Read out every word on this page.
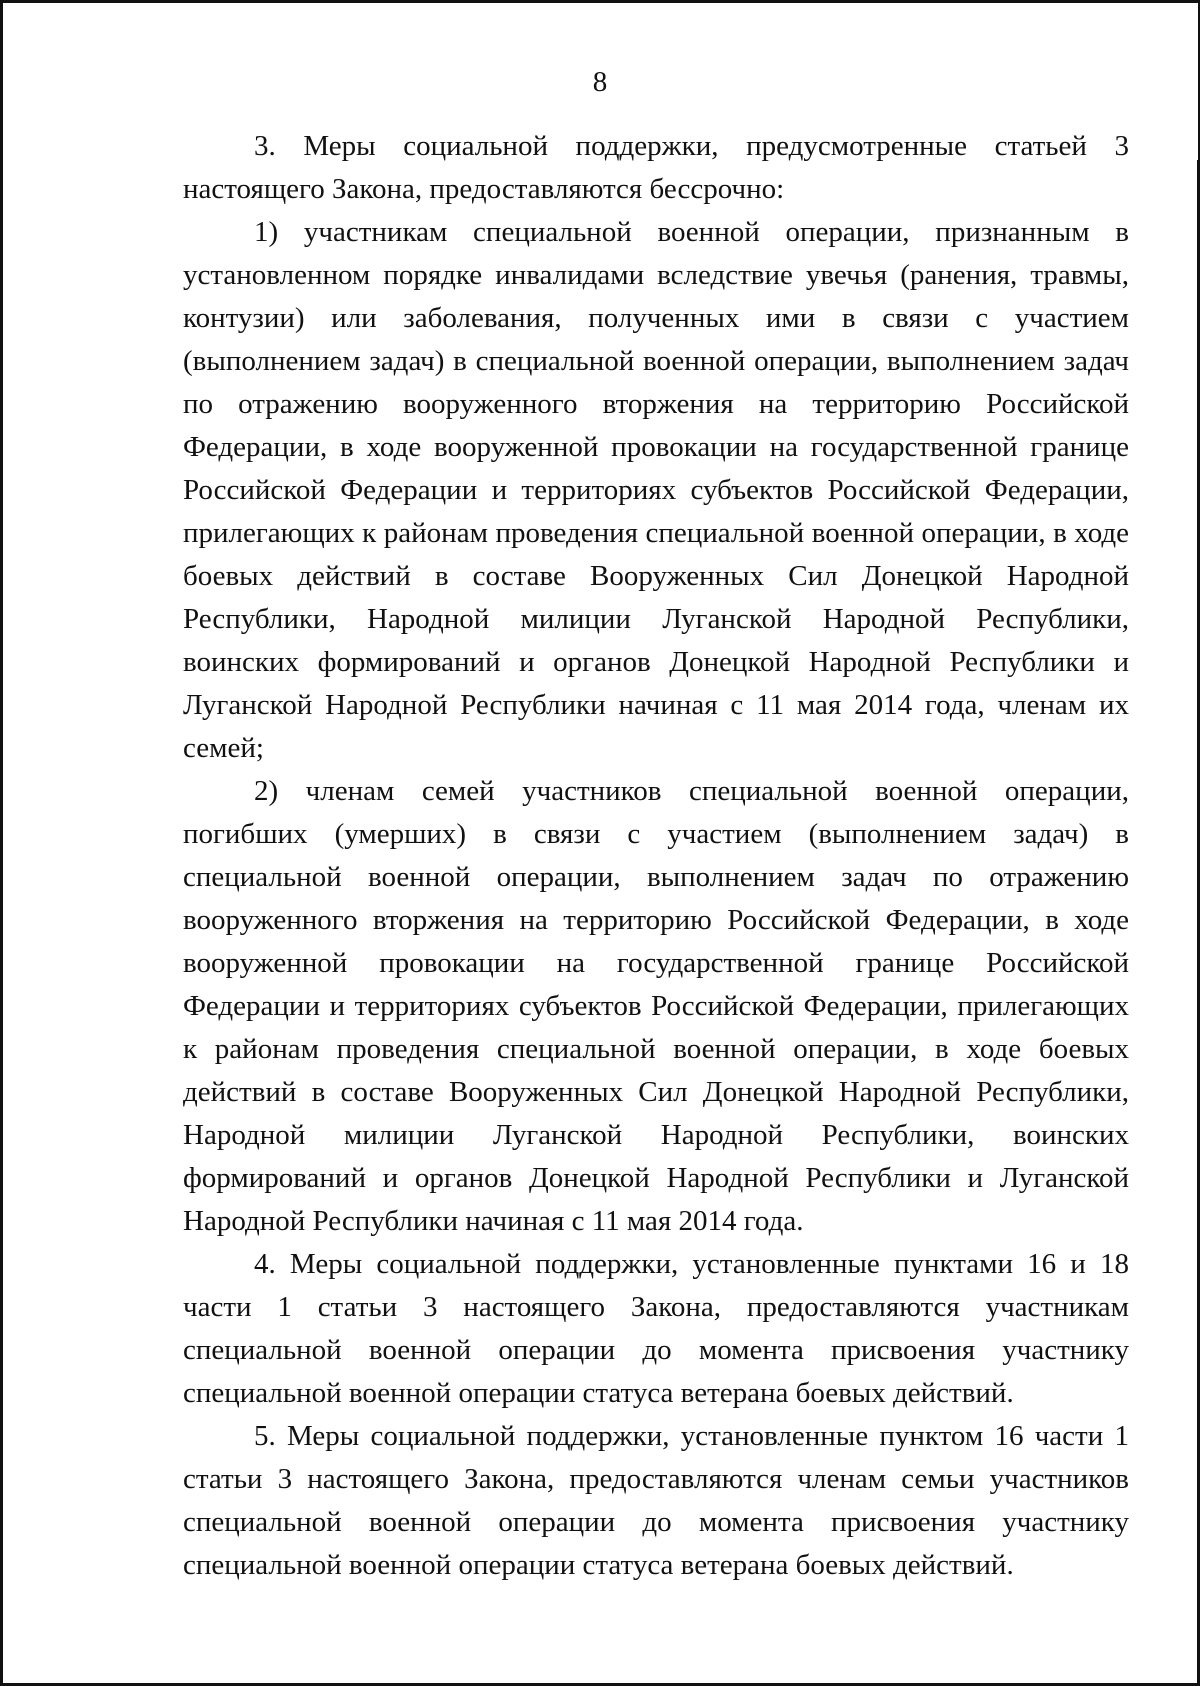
8

3. Меры социальной поддержки, предусмотренные статьей 3 настоящего Закона, предоставляются бессрочно:

1) участникам специальной военной операции, признанным в установленном порядке инвалидами вследствие увечья (ранения, травмы, контузии) или заболевания, полученных ими в связи с участием (выполнением задач) в специальной военной операции, выполнением задач по отражению вооруженного вторжения на территорию Российской Федерации, в ходе вооруженной провокации на государственной границе Российской Федерации и территориях субъектов Российской Федерации, прилегающих к районам проведения специальной военной операции, в ходе боевых действий в составе Вооруженных Сил Донецкой Народной Республики, Народной милиции Луганской Народной Республики, воинских формирований и органов Донецкой Народной Республики и Луганской Народной Республики начиная с 11 мая 2014 года, членам их семей;

2) членам семей участников специальной военной операции, погибших (умерших) в связи с участием (выполнением задач) в специальной военной операции, выполнением задач по отражению вооруженного вторжения на территорию Российской Федерации, в ходе вооруженной провокации на государственной границе Российской Федерации и территориях субъектов Российской Федерации, прилегающих к районам проведения специальной военной операции, в ходе боевых действий в составе Вооруженных Сил Донецкой Народной Республики, Народной милиции Луганской Народной Республики, воинских формирований и органов Донецкой Народной Республики и Луганской Народной Республики начиная с 11 мая 2014 года.

4. Меры социальной поддержки, установленные пунктами 16 и 18 части 1 статьи 3 настоящего Закона, предоставляются участникам специальной военной операции до момента присвоения участнику специальной военной операции статуса ветерана боевых действий.

5. Меры социальной поддержки, установленные пунктом 16 части 1 статьи 3 настоящего Закона, предоставляются членам семьи участников специальной военной операции до момента присвоения участнику специальной военной операции статуса ветерана боевых действий.
